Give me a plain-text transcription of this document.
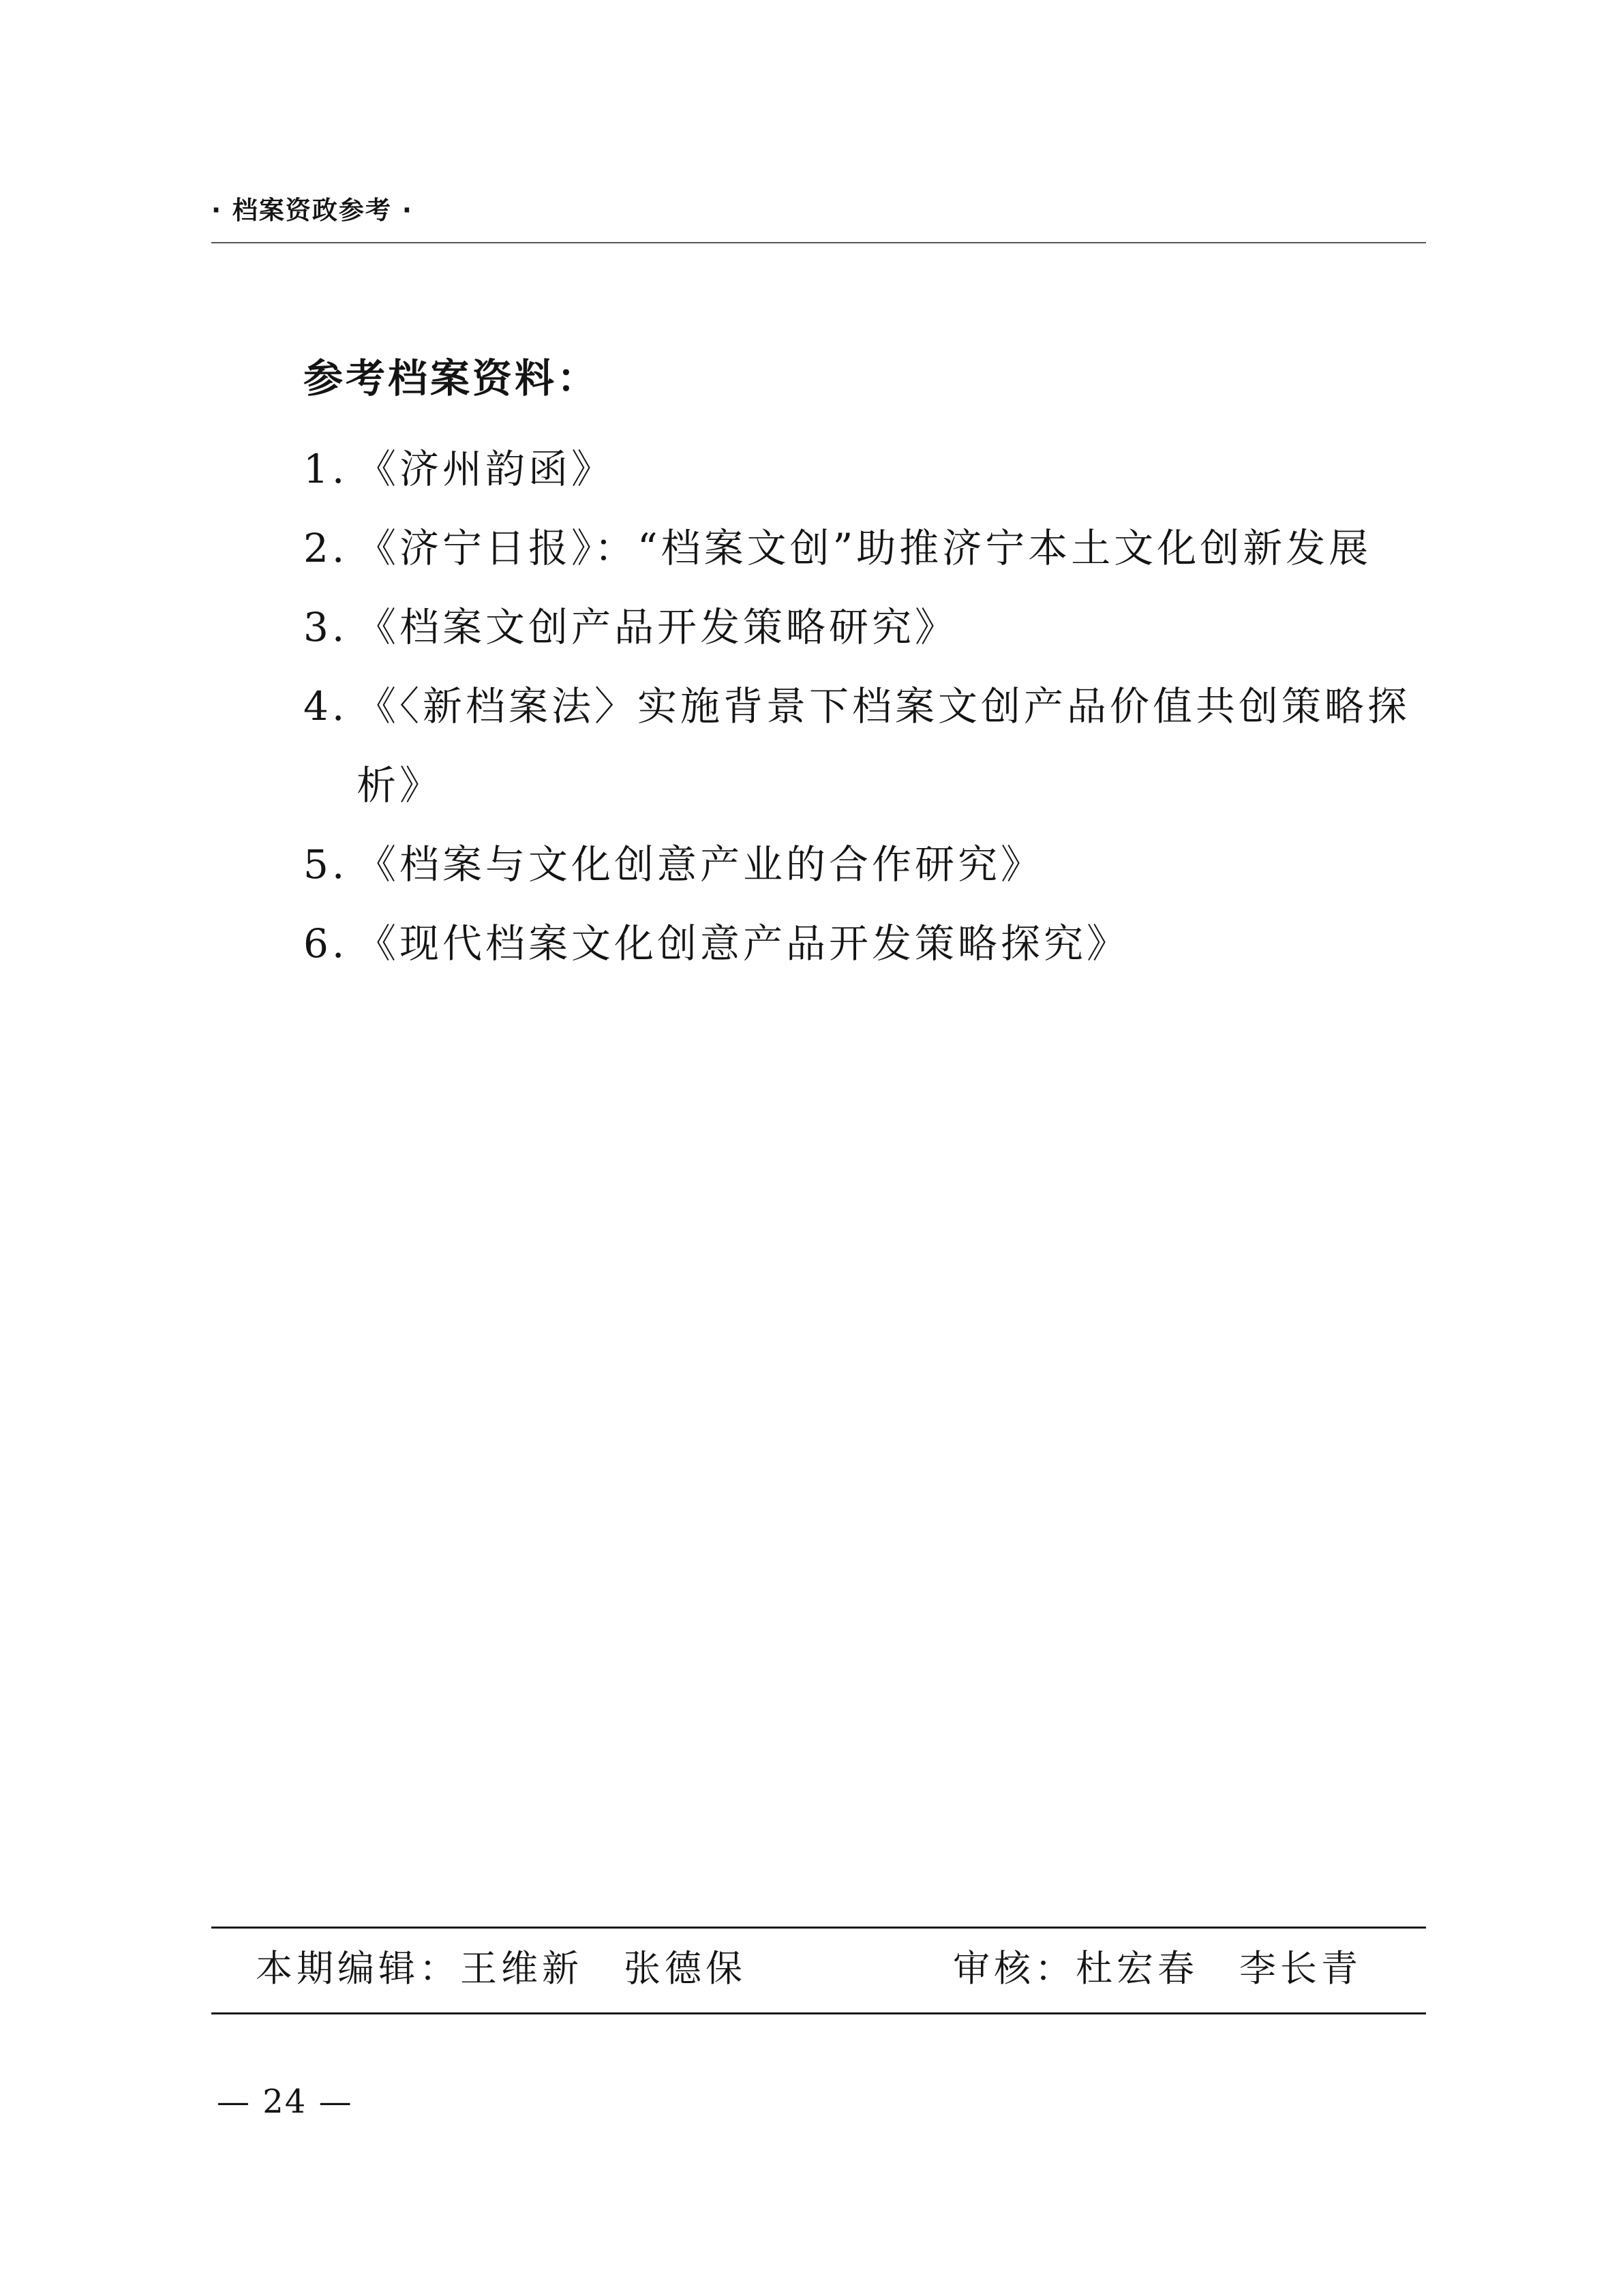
· 档案资政参考 ·
参考档案资料：
1. 《济州韵函》
2. 《济宁日报》：“档案文创”助推济宁本土文化创新发展
3. 《档案文创产品开发策略研究》
4. 《〈新档案法〉实施背景下档案文创产品价值共创策略探析》
5. 《档案与文化创意产业的合作研究》
6. 《现代档案文化创意产品开发策略探究》
本期编辑：王维新　张德保	审核：杜宏春　李长青
— 24 —
